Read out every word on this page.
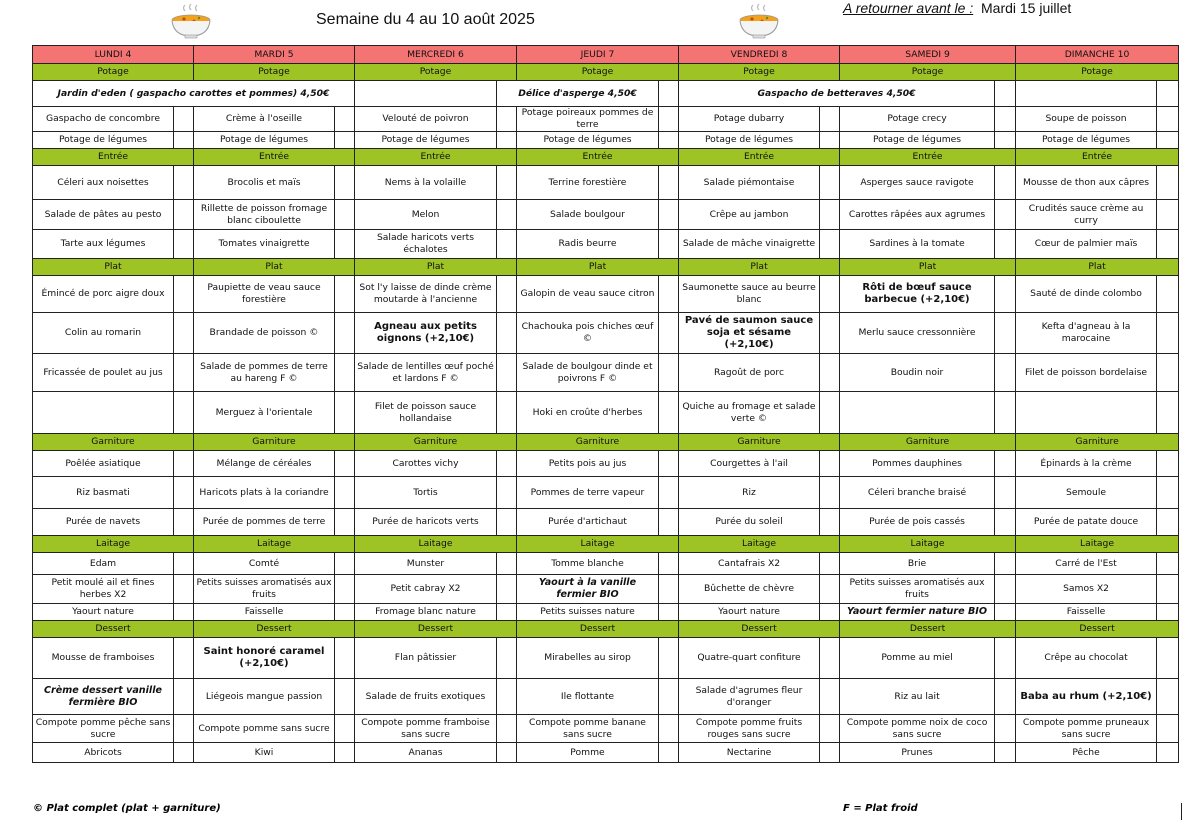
Semaine du 4 au 10 août 2025
A retourner avant le : Mardi 15 juillet
LUNDI 4		MARDI 5		MERCREDI 6		JEUDI 7		VENDREDI 8		SAMEDI 9		DIMANCHE 10	
Potage		Potage		Potage		Potage		Potage		Potage		Potage	
Jardin d'eden ( gaspacho carottes et pommes) 4,50€					Délice d'asperge 4,50€			Gaspacho de betteraves 4,50€					
Gaspacho de concombre		Crème à l'oseille		Velouté de poivron		Potage poireaux pommes de terre		Potage dubarry		Potage crecy		Soupe de poisson	
Potage de légumes		Potage de légumes		Potage de légumes		Potage de légumes		Potage de légumes		Potage de légumes		Potage de légumes	
Entrée		Entrée		Entrée		Entrée		Entrée		Entrée		Entrée	
Céleri aux noisettes		Brocolis et maïs		Nems à la volaille		Terrine forestière		Salade piémontaise		Asperges sauce ravigote		Mousse de thon aux câpres	
Salade de pâtes au pesto		Rillette de poisson fromage blanc ciboulette		Melon		Salade boulgour		Crêpe au jambon		Carottes râpées aux agrumes		Crudités sauce crème au curry	
Tarte aux légumes		Tomates vinaigrette		Salade haricots verts échalotes		Radis beurre		Salade de mâche vinaigrette		Sardines à la tomate		Cœur de palmier maïs	
Plat		Plat		Plat		Plat		Plat		Plat		Plat	
Émincé de porc aigre doux		Paupiette de veau sauce forestière		Sot l'y laisse de dinde crème moutarde à l'ancienne		Galopin de veau sauce citron		Saumonette sauce au beurre blanc		Rôti de bœuf sauce barbecue (+2,10€)		Sauté de dinde colombo	
Colin au romarin		Brandade de poisson ©		Agneau aux petits oignons (+2,10€)		Chachouka pois chiches œuf ©		Pavé de saumon sauce soja et sésame (+2,10€)		Merlu sauce cressonnière		Kefta d'agneau à la marocaine	
Fricassée de poulet au jus		Salade de pommes de terre au hareng F ©		Salade de lentilles œuf poché et lardons F ©		Salade de boulgour dinde et poivrons F ©		Ragoût de porc		Boudin noir		Filet de poisson bordelaise	
		Merguez à l'orientale		Filet de poisson sauce hollandaise		Hoki en croûte d'herbes		Quiche au fromage et salade verte ©					
Garniture		Garniture		Garniture		Garniture		Garniture		Garniture		Garniture	
Poêlée asiatique		Mélange de céréales		Carottes vichy		Petits pois au jus		Courgettes à l'ail		Pommes dauphines		Épinards à la crème	
Riz basmati		Haricots plats à la coriandre		Tortis		Pommes de terre vapeur		Riz		Céleri branche braisé		Semoule	
Purée de navets		Purée de pommes de terre		Purée de haricots verts		Purée d'artichaut		Purée du soleil		Purée de pois cassés		Purée de patate douce	
Laitage		Laitage		Laitage		Laitage		Laitage		Laitage		Laitage	
Edam		Comté		Munster		Tomme blanche		Cantafrais X2		Brie		Carré de l'Est	
Petit moulé ail et fines herbes X2		Petits suisses aromatisés aux fruits		Petit cabray X2		Yaourt à la vanille fermier BIO		Bûchette de chèvre		Petits suisses aromatisés aux fruits		Samos X2	
Yaourt nature		Faisselle		Fromage blanc nature		Petits suisses nature		Yaourt nature		Yaourt fermier nature BIO		Faisselle	
Dessert		Dessert		Dessert		Dessert		Dessert		Dessert		Dessert	
Mousse de framboises		Saint honoré caramel (+2,10€)		Flan pâtissier		Mirabelles au sirop		Quatre-quart confiture		Pomme au miel		Crêpe au chocolat	
Crème dessert vanille fermière BIO		Liégeois mangue passion		Salade de fruits exotiques		Ile flottante		Salade d'agrumes fleur d'oranger		Riz au lait		Baba au rhum (+2,10€)	
Compote pomme pêche sans sucre		Compote pomme sans sucre		Compote pomme framboise sans sucre		Compote pomme banane sans sucre		Compote pomme fruits rouges sans sucre		Compote pomme noix de coco sans sucre		Compote pomme pruneaux sans sucre	
Abricots		Kiwi		Ananas		Pomme		Nectarine		Prunes		Pêche	
© Plat complet (plat + garniture)	F = Plat froid
